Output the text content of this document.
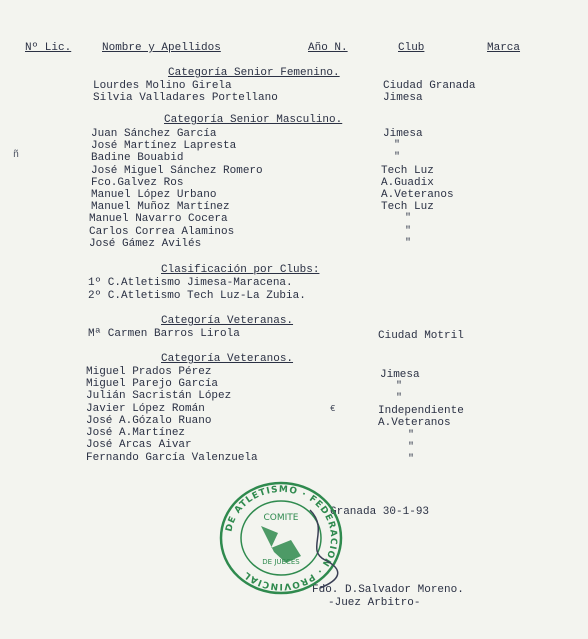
Nº Lic.	Nombre y Apellidos	Año N.	Club	Marca
Categoría Senior Femenino.
Lourdes Molino Girela	Ciudad Granada
Silvia Valladares Portellano	Jimesa
Categoría Senior Masculino.
Juan Sánchez García	Jimesa
José Martínez Lapresta	"
Badine Bouabid	"
José Miguel Sánchez Romero	Tech Luz
Fco.Galvez Ros	A.Guadix
Manuel López Urbano	A.Veteranos
Manuel Muñoz Martínez	Tech Luz
Manuel Navarro Cocera	"
Carlos Correa Alaminos	"
José Gámez Avilés	"
Clasificación por Clubs:
1º C.Atletismo Jimesa-Maracena.
2º C.Atletismo Tech Luz-La Zubia.
Categoría Veteranas.
Mª Carmen Barros Lirola	Ciudad Motril
Categoría Veteranos.
Miguel Prados Pérez	Jimesa
Miguel Parejo García	"
Julián Sacristán López	"
Javier López Román	Independiente
José A.Gózalo Ruano	A.Veteranos
José A.Martínez	"
José Arcas Aivar	"
Fernando García Valenzuela	"
ñ
€
Granada 30-1-93
Fdo. D.Salvador Moreno.
-Juez Arbitro-
DE ATLETISMO · FEDERACION · PROVINCIAL
COMITE
DE JUECES
